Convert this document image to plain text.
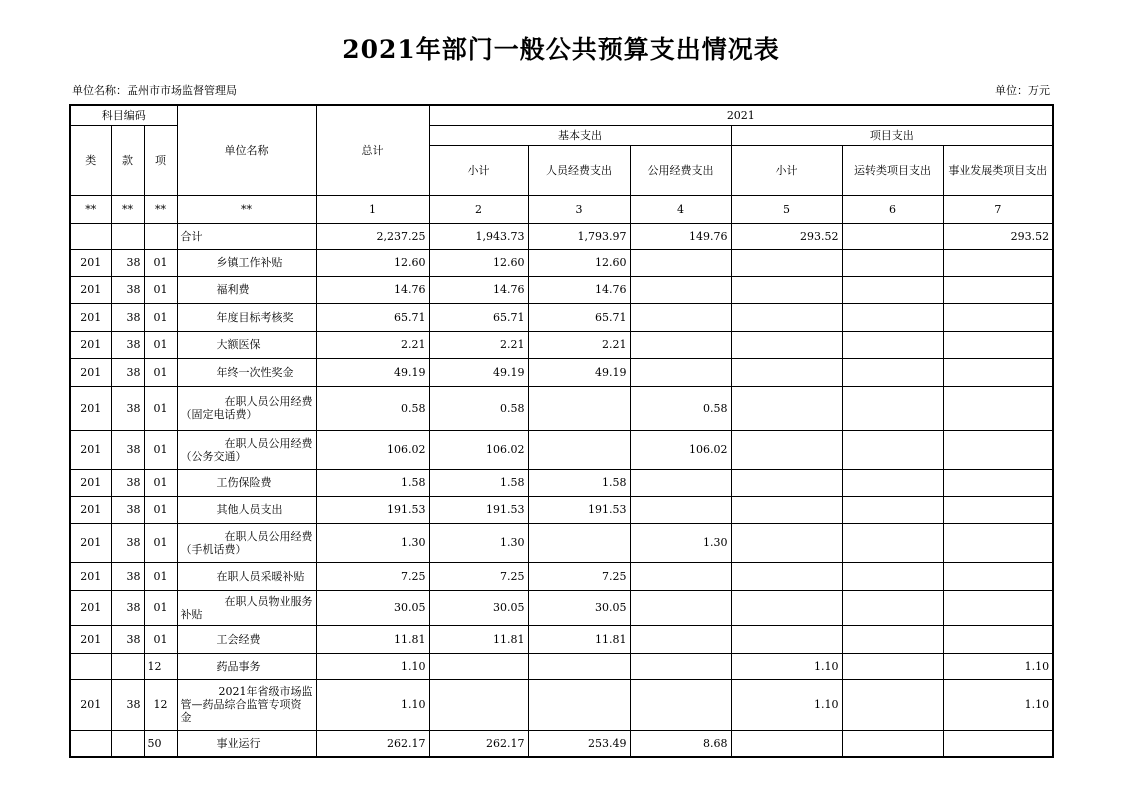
2021年部门一般公共预算支出情况表
单位名称：孟州市市场监督管理局	单位：万元
科目编码			单位名称	总计	2021					
类	款	项			基本支出			项目支出		
					小计	人员经费支出	公用经费支出	小计	运转类项目支出	事业发展类项目支出
**	**	**	**	1	2	3	4	5	6	7
			合计	2,237.25	1,943.73	1,793.97	149.76	293.52		293.52
201	38	01	乡镇工作补贴	12.60	12.60	12.60				
201	38	01	福利费	14.76	14.76	14.76				
201	38	01	年度目标考核奖	65.71	65.71	65.71				
201	38	01	大额医保	2.21	2.21	2.21				
201	38	01	年终一次性奖金	49.19	49.19	49.19				
201	38	01	在职人员公用经费
（固定电话费）	0.58	0.58		0.58			
201	38	01	在职人员公用经费
（公务交通）	106.02	106.02		106.02			
201	38	01	工伤保险费	1.58	1.58	1.58				
201	38	01	其他人员支出	191.53	191.53	191.53				
201	38	01	在职人员公用经费
（手机话费）	1.30	1.30		1.30			
201	38	01	在职人员采暖补贴	7.25	7.25	7.25				
201	38	01	在职人员物业服务
补贴	30.05	30.05	30.05				
201	38	01	工会经费	11.81	11.81	11.81				
		12	药品事务	1.10				1.10		1.10
201	38	12	2021年省级市场监
管—药品综合监管专项资
金	1.10				1.10		1.10
		50	事业运行	262.17	262.17	253.49	8.68			
